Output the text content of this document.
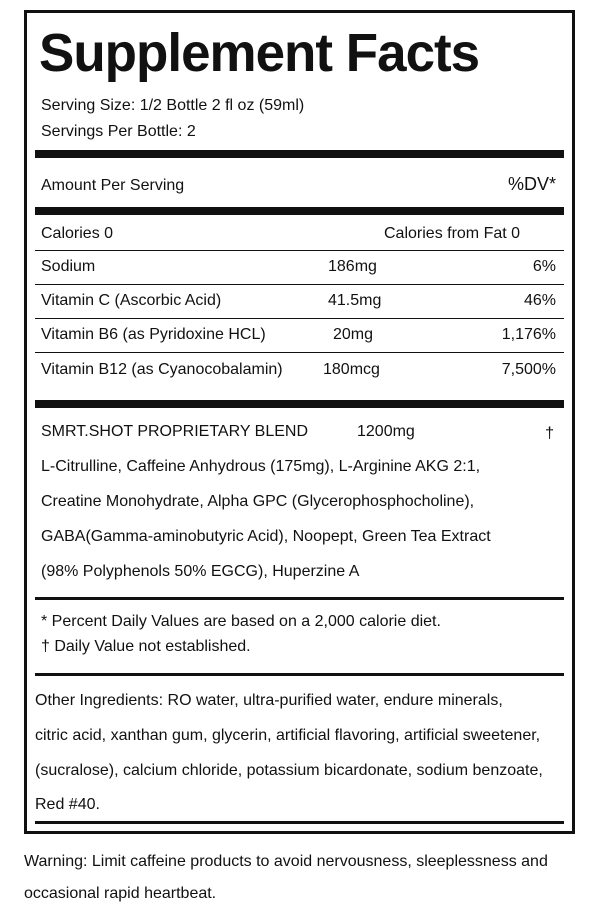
Supplement Facts
Serving Size: 1/2 Bottle 2 fl oz (59ml)
Servings Per Bottle: 2
Amount Per Serving	%DV*
Calories 0	Calories from Fat 0
Sodium	186mg	6%
Vitamin C (Ascorbic Acid)	41.5mg	46%
Vitamin B6 (as Pyridoxine HCL)	20mg	1,176%
Vitamin B12 (as Cyanocobalamin)	180mcg	7,500%
SMRT.SHOT PROPRIETARY BLEND	1200mg	†
L-Citrulline, Caffeine Anhydrous (175mg), L-Arginine AKG 2:1,
Creatine Monohydrate, Alpha GPC (Glycerophosphocholine),
GABA(Gamma-aminobutyric Acid), Noopept, Green Tea Extract
(98% Polyphenols 50% EGCG), Huperzine A
* Percent Daily Values are based on a 2,000 calorie diet.
† Daily Value not established.
Other Ingredients: RO water, ultra-purified water, endure minerals,
citric acid, xanthan gum, glycerin, artificial flavoring, artificial sweetener,
(sucralose), calcium chloride, potassium bicardonate, sodium benzoate,
Red #40.
Warning: Limit caffeine products to avoid nervousness, sleeplessness and
occasional rapid heartbeat.
